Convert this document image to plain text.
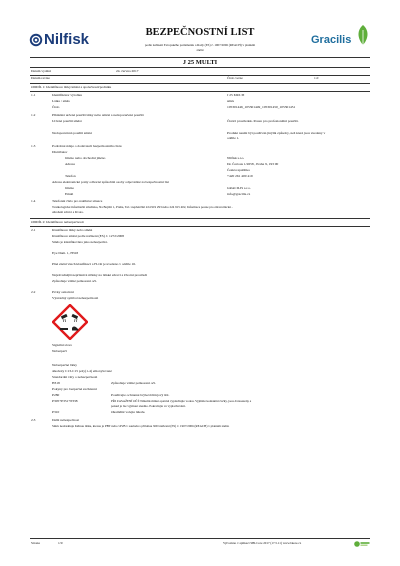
Nilfisk	BEZPEČNOSTNÍ LIST
podle nařízení Evropského parlamentu a Rady (ES) č. 1907/2006 (REACH) v platném
znění
Gracilis
J 25 MULTI
Datum vydání	24. června 2017
Datum revize	Číslo verze	1.0
ODDÍL 1: Identifikace látky/směsi a společnosti/podniku
1.1	Identifikátor výrobku	J 25 MULTI
Látka / směs	směs
Číslo	105301446_105301449_105301450_105301451
1.2	Příslušná určená použití látky nebo směsi a nedoporučená použití
Určená použití směsi	Čisticí prostředek. Pouze pro profesionální použití.
Nedoporučená použití směsi	Produkt nesmí být používán jinými způsoby, než které jsou uvedeny v
oddíle 1.
1.3	Podrobné údaje o dodavateli bezpečnostního listu
Distributor
Jméno nebo obchodní jméno	Nilfisk s.r.o.
Adresa	Do Čertous 1/2658 , Praha 9, 193 00
Česká republika
Telefon	+420 261 400 419
Adresa elektronické pošty odborně způsobilé osoby odpovědné za bezpečnostní list
Jméno	GRACILIS s.r.o.
Email	info@gracilis.cz
1.4	Telefonní číslo pro naléhavé situace
Toxikologické informační středisko, Na Bojišti 1, Praha, Tel.: nepřetržitě 224 919 293 nebo 224 915 402, Informace pouze pro zdravotnická -
ohrožení zdraví a života.
ODDÍL 2: Identifikace nebezpečnosti
2.1	Klasifikace látky nebo směsi
Klasifikace směsi podle nařízení (ES) č. 1272/2008
Směs je klasifikována jako nebezpečná.
Eye Dam. 1, H318
Plné znění všech klasifikací a H-vět je uvedeno v oddíle 16.
Nejzávažnější nepříznivé účinky na lidské zdraví a životní prostředí
Způsobuje vážné poškození očí.
2.2	Prvky označení
Výstražný symbol nebezpečnosti
Signální slovo
Nebezpečí
Nebezpečné látky
alkoholy C13-C15 poly(1-4) ethoxylované
Standardní věty o nebezpečnosti
H318	Způsobuje vážné poškození očí.
Pokyny pro bezpečné zacházení
P280	Používejte ochranné brýle/obličejový štít.
P305+P351+P338	PŘI ZASAŽENÍ OČÍ: Několik minut opatrně vyplachujte vodou. Vyjměte kontaktní čočky, jsou-li nasazeny a
pokud je lze vyjmout snadno. Pokračujte ve vyplachování.
P310	Okamžitě volejte lékaře.
2.3	Další nebezpečnost
Směs neobsahuje žádnou látku, kterou je PBT nebo vPvB v souladu s přílohou XIII nařízení (ES) č. 1907/2006 (REACH) v platném znění.
Strana	1/9	Vytvořeno v aplikaci SBLCore 2017 (17.5.11) www.bkore.cz
